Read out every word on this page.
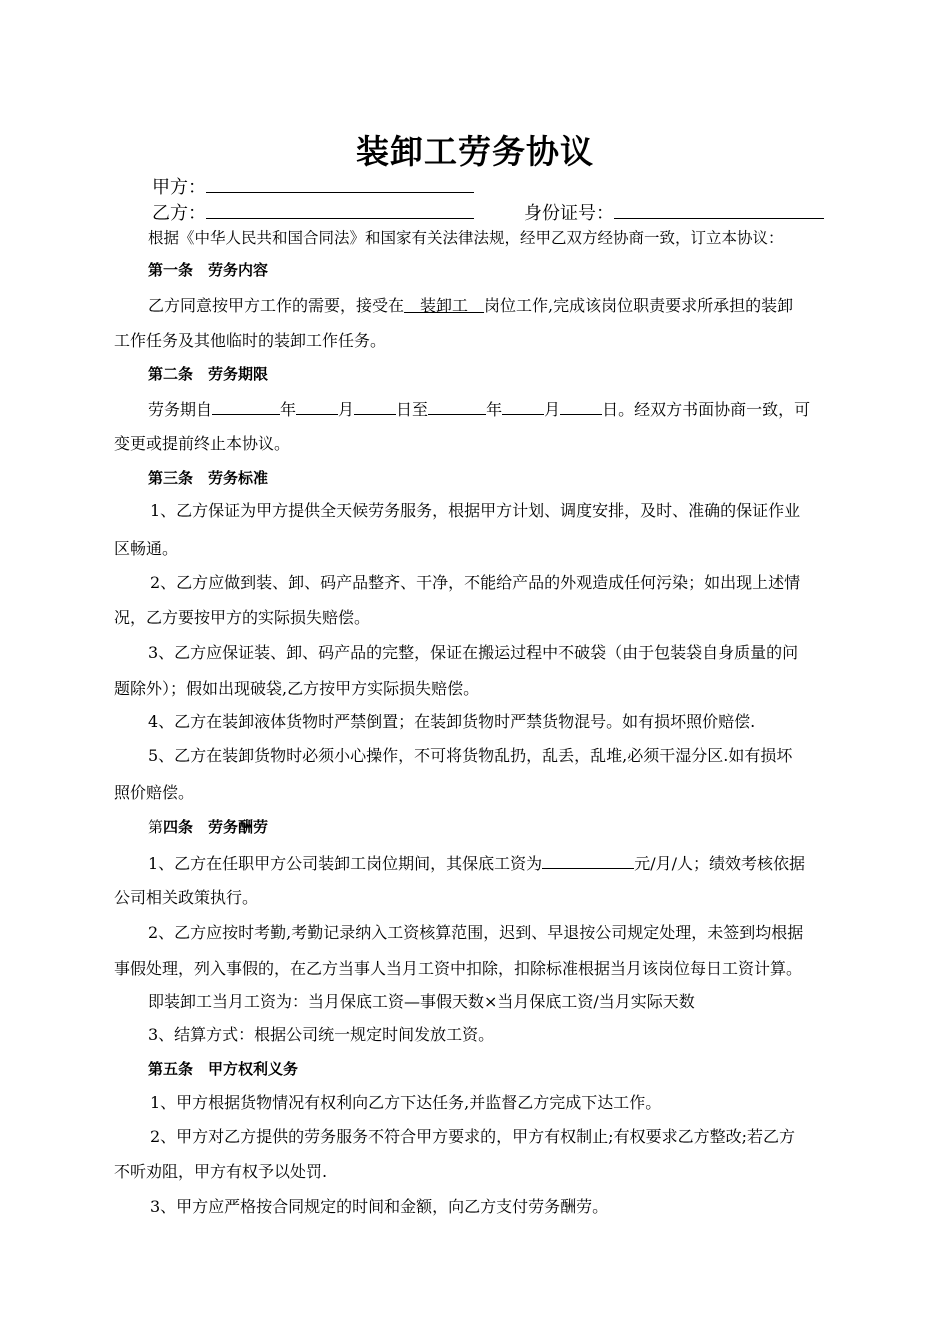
装卸工劳务协议
甲方：
乙方：	身份证号：
根据《中华人民共和国合同法》和国家有关法律法规，经甲乙双方经协商一致，订立本协议：
第一条　劳务内容
乙方同意按甲方工作的需要，接受在　装卸工　岗位工作,完成该岗位职责要求所承担的装卸
工作任务及其他临时的装卸工作任务。
第二条　劳务期限
劳务期自	年	月	日至	年	月	日。经双方书面协商一致，可
变更或提前终止本协议。
第三条　劳务标准
1、乙方保证为甲方提供全天候劳务服务，根据甲方计划、调度安排，及时、准确的保证作业
区畅通。
2、乙方应做到装、卸、码产品整齐、干净，不能给产品的外观造成任何污染；如出现上述情
况，乙方要按甲方的实际损失赔偿。
3、乙方应保证装、卸、码产品的完整，保证在搬运过程中不破袋（由于包装袋自身质量的问
题除外）；假如出现破袋,乙方按甲方实际损失赔偿。
4、乙方在装卸液体货物时严禁倒置；在装卸货物时严禁货物混号。如有损坏照价赔偿.
5、乙方在装卸货物时必须小心操作，不可将货物乱扔，乱丢，乱堆,必须干湿分区.如有损坏
照价赔偿。
第四条　劳务酬劳
1、乙方在任职甲方公司装卸工岗位期间，其保底工资为	元/月/人；绩效考核依据
公司相关政策执行。
2、乙方应按时考勤,考勤记录纳入工资核算范围，迟到、早退按公司规定处理，未签到均根据
事假处理，列入事假的，在乙方当事人当月工资中扣除，扣除标准根据当月该岗位每日工资计算。
即装卸工当月工资为：当月保底工资—事假天数×当月保底工资/当月实际天数
3、结算方式：根据公司统一规定时间发放工资。
第五条　甲方权利义务
1、甲方根据货物情况有权利向乙方下达任务,并监督乙方完成下达工作。
2、甲方对乙方提供的劳务服务不符合甲方要求的，甲方有权制止;有权要求乙方整改;若乙方
不听劝阻，甲方有权予以处罚.
3、甲方应严格按合同规定的时间和金额，向乙方支付劳务酬劳。
